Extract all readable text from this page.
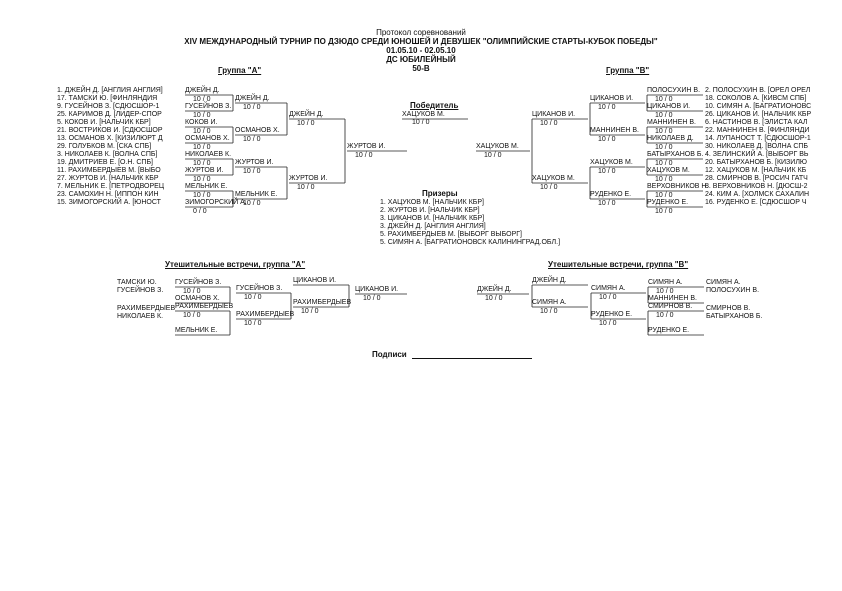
Протокол соревнований
XIV МЕЖДУНАРОДНЫЙ ТУРНИР ПО ДЗЮДО СРЕДИ ЮНОШЕЙ И ДЕВУШЕК "ОЛИМПИЙСКИЕ СТАРТЫ-КУБОК ПОБЕДЫ"
01.05.10 - 02.05.10
ДС ЮБИЛЕЙНЫЙ
50-В
Группа "А"	Группа "В"
1. ДЖЕЙН Д. [АНГЛИЯ АНГЛИЯ]
17. ТАМСКИ Ю. [ФИНЛЯНДИЯ
9. ГУСЕЙНОВ З. [СДЮСШОР-1
25. КАРИМОВ Д. [ЛИДЕР-СПОР
5. КОКОВ И. [НАЛЬЧИК КБР]
21. ВОСТРИКОВ И. [СДЮСШОР
13. ОСМАНОВ Х. [КИЗИЛЮРТ Д
29. ГОЛУБКОВ М. [СКА СПБ]
3. НИКОЛАЕВ К. [ВОЛНА СПБ]
19. ДМИТРИЕВ Е. [О.Н. СПБ]
11. РАХИМБЕРДЫЕВ М. [ВЫБО
27. ЖУРТОВ И. [НАЛЬЧИК КБР
7. МЕЛЬНИК Е. [ПЕТРОДВОРЕЦ
23. САМОХИН Н. [ИППОН КИН
15. ЗИМОГОРСКИЙ А. [ЮНОСТ
2. ПОЛОСУХИН В. [ОРЕЛ ОРЕЛ
18. СОКОЛОВ А. [КИВСМ СПБ]
10. СИМЯН А. [БАГРАТИОНОВС
26. ЦИКАНОВ И. [НАЛЬЧИК КБР
6. НАСТИНОВ В. [ЭЛИСТА КАЛ
22. МАННИНЕН В. [ФИНЛЯНДИ
14. ЛУПАНОСТ Т. [СДЮСШОР-1
30. НИКОЛАЕВ Д. [ВОЛНА СПБ
4. ЗЕЛИНСКИЙ А. [ВЫБОРГ ВЬ
20. БАТЫРХАНОВ Б. [КИЗИЛЮ
12. ХАЦУКОВ М. [НАЛЬЧИК КБ
28. СМИРНОВ В. [РОСИЧ ГАТЧ
8. ВЕРХОВНИКОВ Н. [ДЮСШ-2
24. КИМ А. [ХОЛМСК САХАЛИН
16. РУДЕНКО Е. [СДЮСШОР Ч
ДЖЕЙН Д.
10 / 0
ГУСЕЙНОВ З.
10 / 0
КОКОВ И.
10 / 0
ОСМАНОВ Х.
10 / 0
НИКОЛАЕВ К.
10 / 0
ЖУРТОВ И.
10 / 0
МЕЛЬНИК Е.
10 / 0
ЗИМОГОРСКИЙ А.
0 / 0
ДЖЕЙН Д.
10 / 0
ОСМАНОВ Х.
10 / 0
ЖУРТОВ И.
10 / 0
МЕЛЬНИК Е.
10 / 0
ДЖЕЙН Д.
10 / 0
ЖУРТОВ И.
10 / 0
ЖУРТОВ И.
10 / 0
ПОЛОСУХИН В.
10 / 0
ЦИКАНОВ И.
10 / 0
МАННИНЕН В.
10 / 0
НИКОЛАЕВ Д.
10 / 0
БАТЫРХАНОВ Б.
10 / 0
ХАЦУКОВ М.
10 / 0
ВЕРХОВНИКОВ Н.
10 / 0
РУДЕНКО Е.
10 / 0
ЦИКАНОВ И.
10 / 0
МАННИНЕН В.
10 / 0
ХАЦУКОВ М.
10 / 0
РУДЕНКО Е.
10 / 0
ЦИКАНОВ И.
10 / 0
ХАЦУКОВ М.
10 / 0
ХАЦУКОВ М.
10 / 0
ТАМСКИ Ю.
ГУСЕЙНОВ З.
РАХИМБЕРДЫЕВ
НИКОЛАЕВ К.
ГУСЕЙНОВ З.
10 / 0
ОСМАНОВ Х.
РАХИМБЕРДЫЕВ
10 / 0
МЕЛЬНИК Е.
ГУСЕЙНОВ З.
10 / 0
РАХИМБЕРДЫЕВ
10 / 0
ЦИКАНОВ И.
РАХИМБЕРДЫЕВ
10 / 0
ЦИКАНОВ И.
10 / 0
СИМЯН А.
ПОЛОСУХИН В.
СМИРНОВ В.
БАТЫРХАНОВ Б.
СИМЯН А.
10 / 0
МАННИНЕН В.
СМИРНОВ В.
10 / 0
РУДЕНКО Е.
СИМЯН А.
10 / 0
РУДЕНКО Е.
10 / 0
ДЖЕЙН Д.
СИМЯН А.
10 / 0
ДЖЕЙН Д.
10 / 0
Победитель
ХАЦУКОВ М.
10 / 0
Призеры
1. ХАЦУКОВ М. [НАЛЬЧИК КБР]
2. ЖУРТОВ И. [НАЛЬЧИК КБР]
3. ЦИКАНОВ И. [НАЛЬЧИК КБР]
3. ДЖЕЙН Д. [АНГЛИЯ АНГЛИЯ]
5. РАХИМБЕРДЫЕВ М. [ВЫБОРГ ВЫБОРГ]
5. СИМЯН А. [БАГРАТИОНОВСК КАЛИНИНГРАД.ОБЛ.]
Утешительные встречи, группа "А"	Утешительные встречи, группа "В"
Подписи
